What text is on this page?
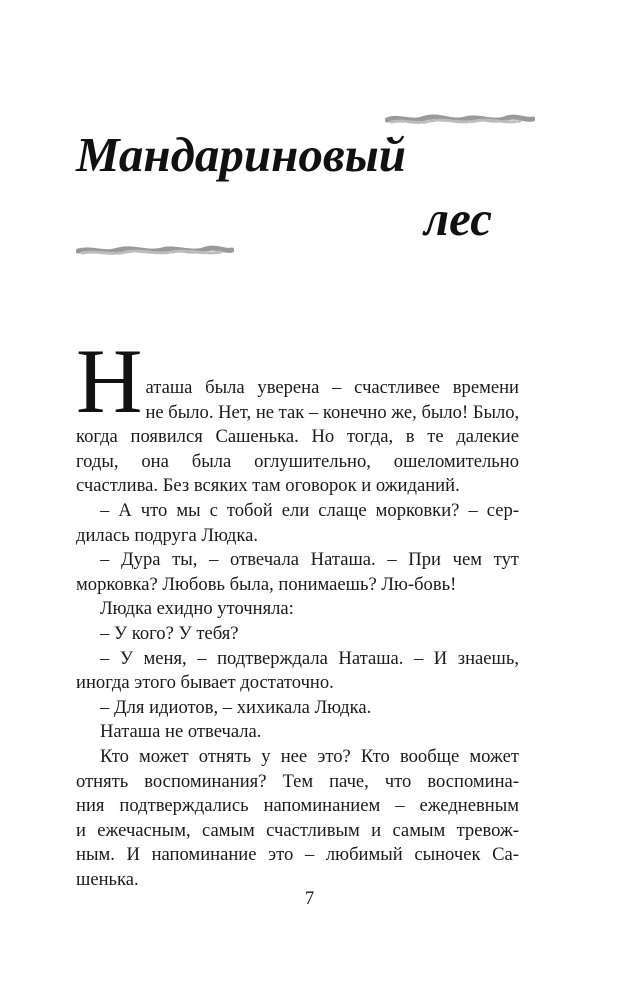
Мандариновый
лес
Н аташа была уверена – счастливее времени
не было. Нет, не так – конечно же, было! Было,
когда появился Сашенька. Но тогда, в те далекие
годы, она была оглушительно, ошеломительно
счастлива. Без всяких там оговорок и ожиданий.
– А что мы с тобой ели слаще морковки? – сер-
дилась подруга Людка.
– Дура ты, – отвечала Наташа. – При чем тут
морковка? Любовь была, понимаешь? Лю-бовь!
Людка ехидно уточняла:
– У кого? У тебя?
– У меня, – подтверждала Наташа. – И знаешь,
иногда этого бывает достаточно.
– Для идиотов, – хихикала Людка.
Наташа не отвечала.
Кто может отнять у нее это? Кто вообще может
отнять воспоминания? Тем паче, что воспомина-
ния подтверждались напоминанием – ежедневным
и ежечасным, самым счастливым и самым тревож-
ным. И напоминание это – любимый сыночек Са-
шенька.
7
